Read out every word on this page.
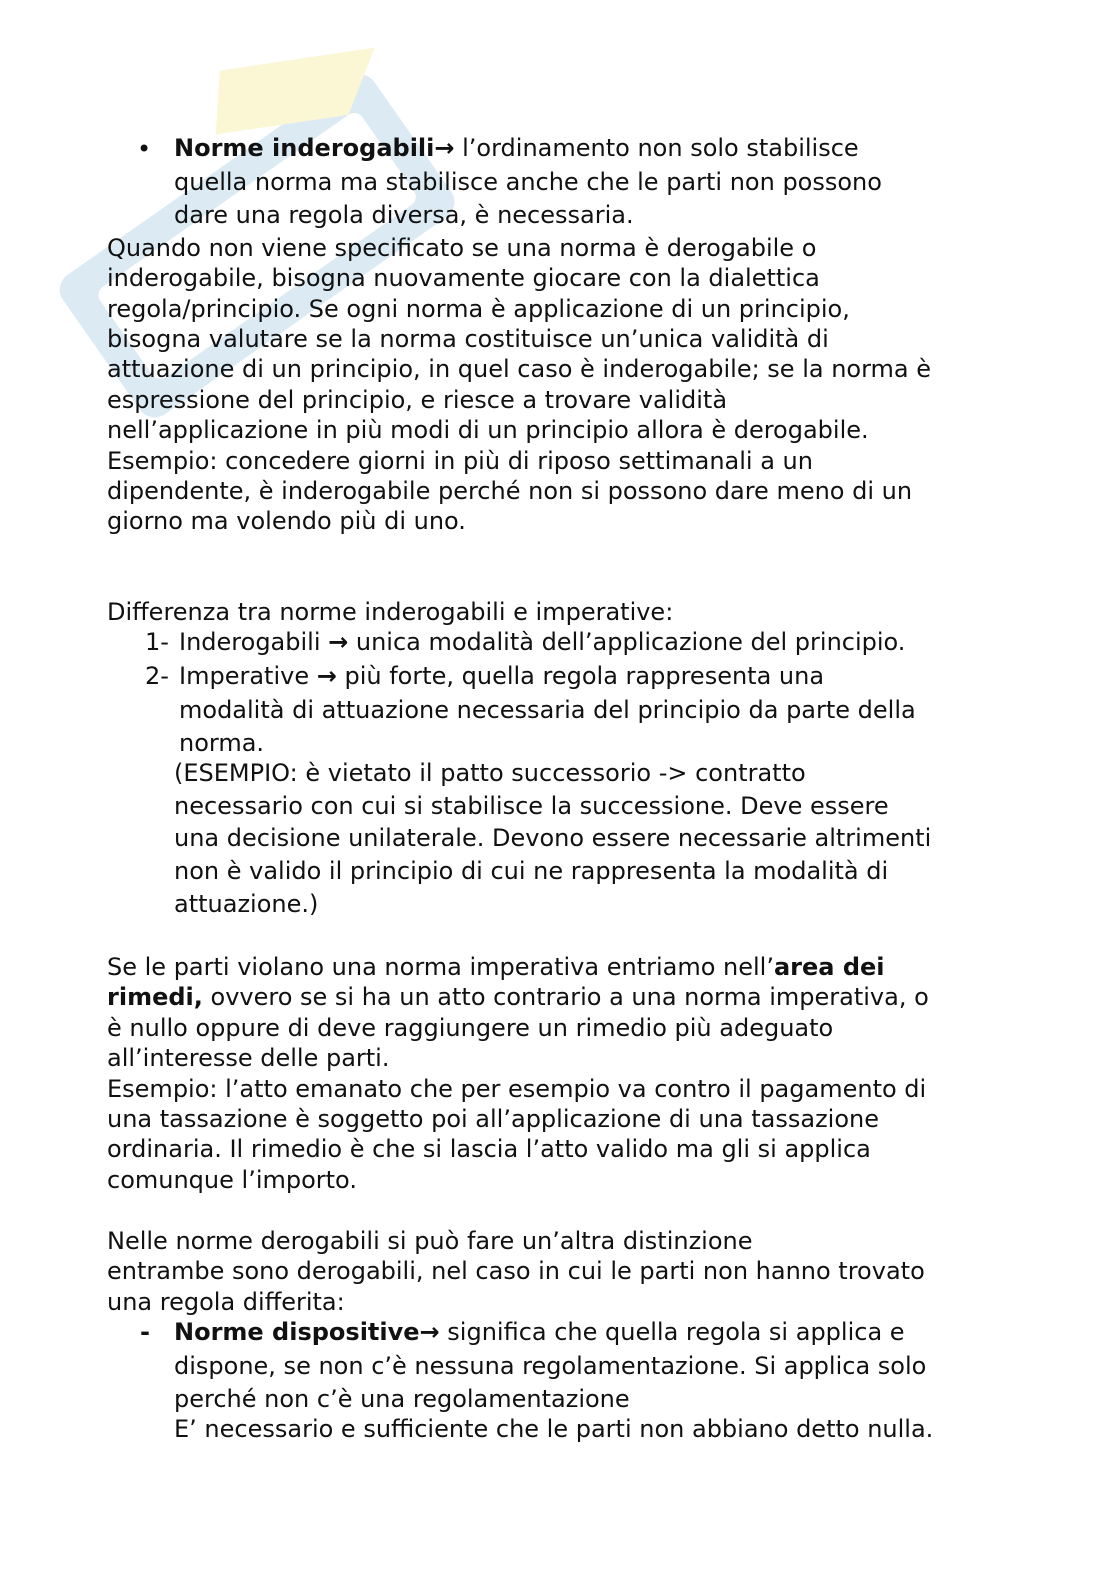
• Norme inderogabili→ l’ordinamento non solo stabilisce
quella norma ma stabilisce anche che le parti non possono
dare una regola diversa, è necessaria.
Quando non viene specificato se una norma è derogabile o
inderogabile, bisogna nuovamente giocare con la dialettica
regola/principio. Se ogni norma è applicazione di un principio,
bisogna valutare se la norma costituisce un’unica validità di
attuazione di un principio, in quel caso è inderogabile; se la norma è
espressione del principio, e riesce a trovare validità
nell’applicazione in più modi di un principio allora è derogabile.
Esempio: concedere giorni in più di riposo settimanali a un
dipendente, è inderogabile perché non si possono dare meno di un
giorno ma volendo più di uno.
Differenza tra norme inderogabili e imperative:
1- Inderogabili → unica modalità dell’applicazione del principio.
2- Imperative → più forte, quella regola rappresenta una
modalità di attuazione necessaria del principio da parte della
norma.
(ESEMPIO: è vietato il patto successorio -> contratto
necessario con cui si stabilisce la successione. Deve essere
una decisione unilaterale. Devono essere necessarie altrimenti
non è valido il principio di cui ne rappresenta la modalità di
attuazione.)
Se le parti violano una norma imperativa entriamo nell’area dei
rimedi, ovvero se si ha un atto contrario a una norma imperativa, o
è nullo oppure di deve raggiungere un rimedio più adeguato
all’interesse delle parti.
Esempio: l’atto emanato che per esempio va contro il pagamento di
una tassazione è soggetto poi all’applicazione di una tassazione
ordinaria. Il rimedio è che si lascia l’atto valido ma gli si applica
comunque l’importo.
Nelle norme derogabili si può fare un’altra distinzione
entrambe sono derogabili, nel caso in cui le parti non hanno trovato
una regola differita:
- Norme dispositive→ significa che quella regola si applica e
dispone, se non c’è nessuna regolamentazione. Si applica solo
perché non c’è una regolamentazione
E’ necessario e sufficiente che le parti non abbiano detto nulla.
